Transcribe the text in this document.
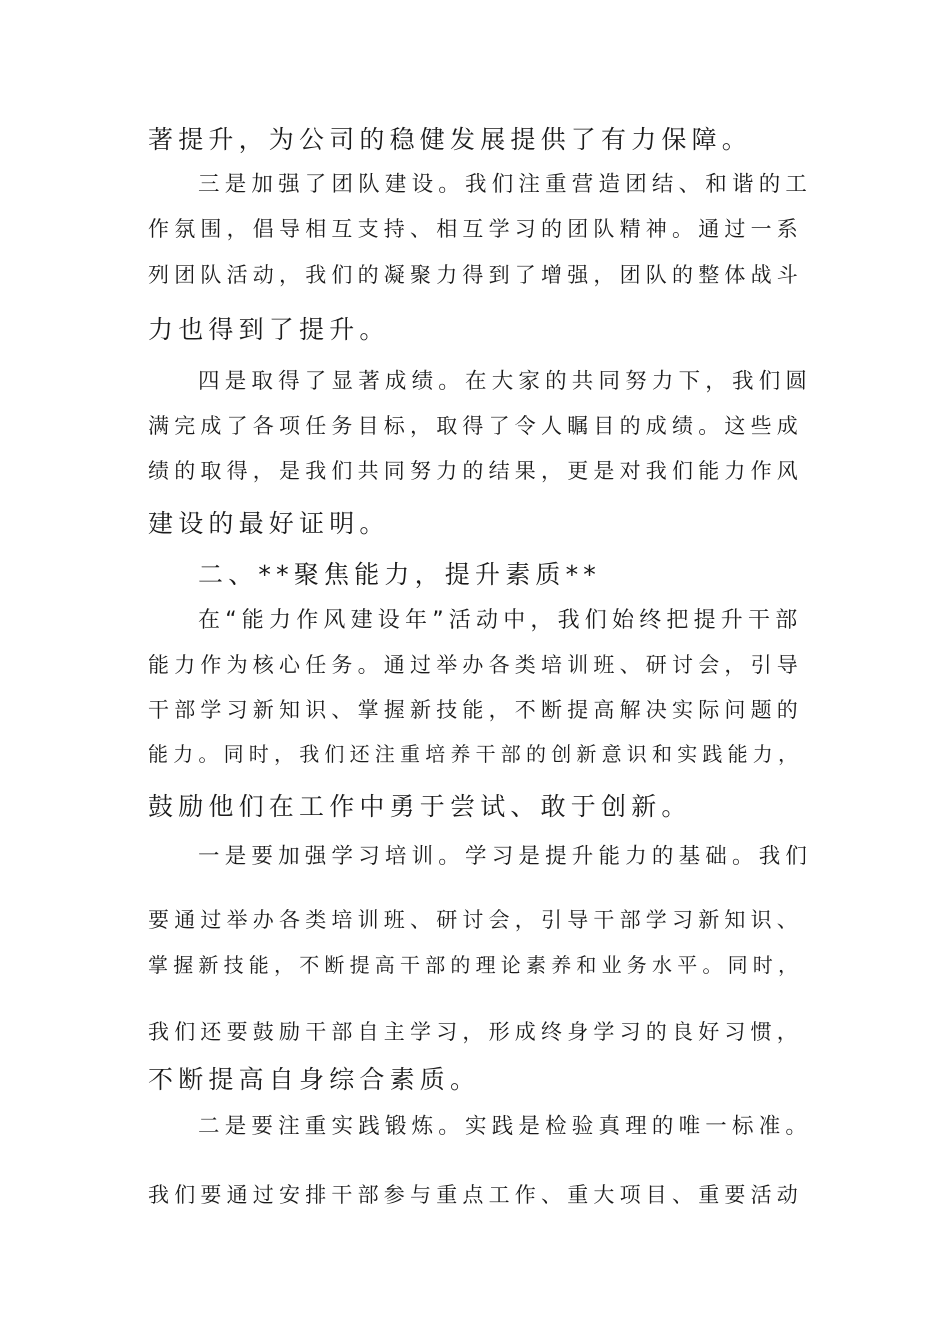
著提升，为公司的稳健发展提供了有力保障。

三是加强了团队建设。我们注重营造团结、和谐的工

作氛围，倡导相互支持、相互学习的团队精神。通过一系

列团队活动，我们的凝聚力得到了增强，团队的整体战斗

力也得到了提升。

四是取得了显著成绩。在大家的共同努力下，我们圆

满完成了各项任务目标，取得了令人瞩目的成绩。这些成

绩的取得，是我们共同努力的结果，更是对我们能力作风

建设的最好证明。

二、**聚焦能力，提升素质**

在“能力作风建设年”活动中，我们始终把提升干部

能力作为核心任务。通过举办各类培训班、研讨会，引导

干部学习新知识、掌握新技能，不断提高解决实际问题的

能力。同时，我们还注重培养干部的创新意识和实践能力，

鼓励他们在工作中勇于尝试、敢于创新。

一是要加强学习培训。学习是提升能力的基础。我们

要通过举办各类培训班、研讨会，引导干部学习新知识、

掌握新技能，不断提高干部的理论素养和业务水平。同时，

我们还要鼓励干部自主学习，形成终身学习的良好习惯，

不断提高自身综合素质。

二是要注重实践锻炼。实践是检验真理的唯一标准。

我们要通过安排干部参与重点工作、重大项目、重要活动
